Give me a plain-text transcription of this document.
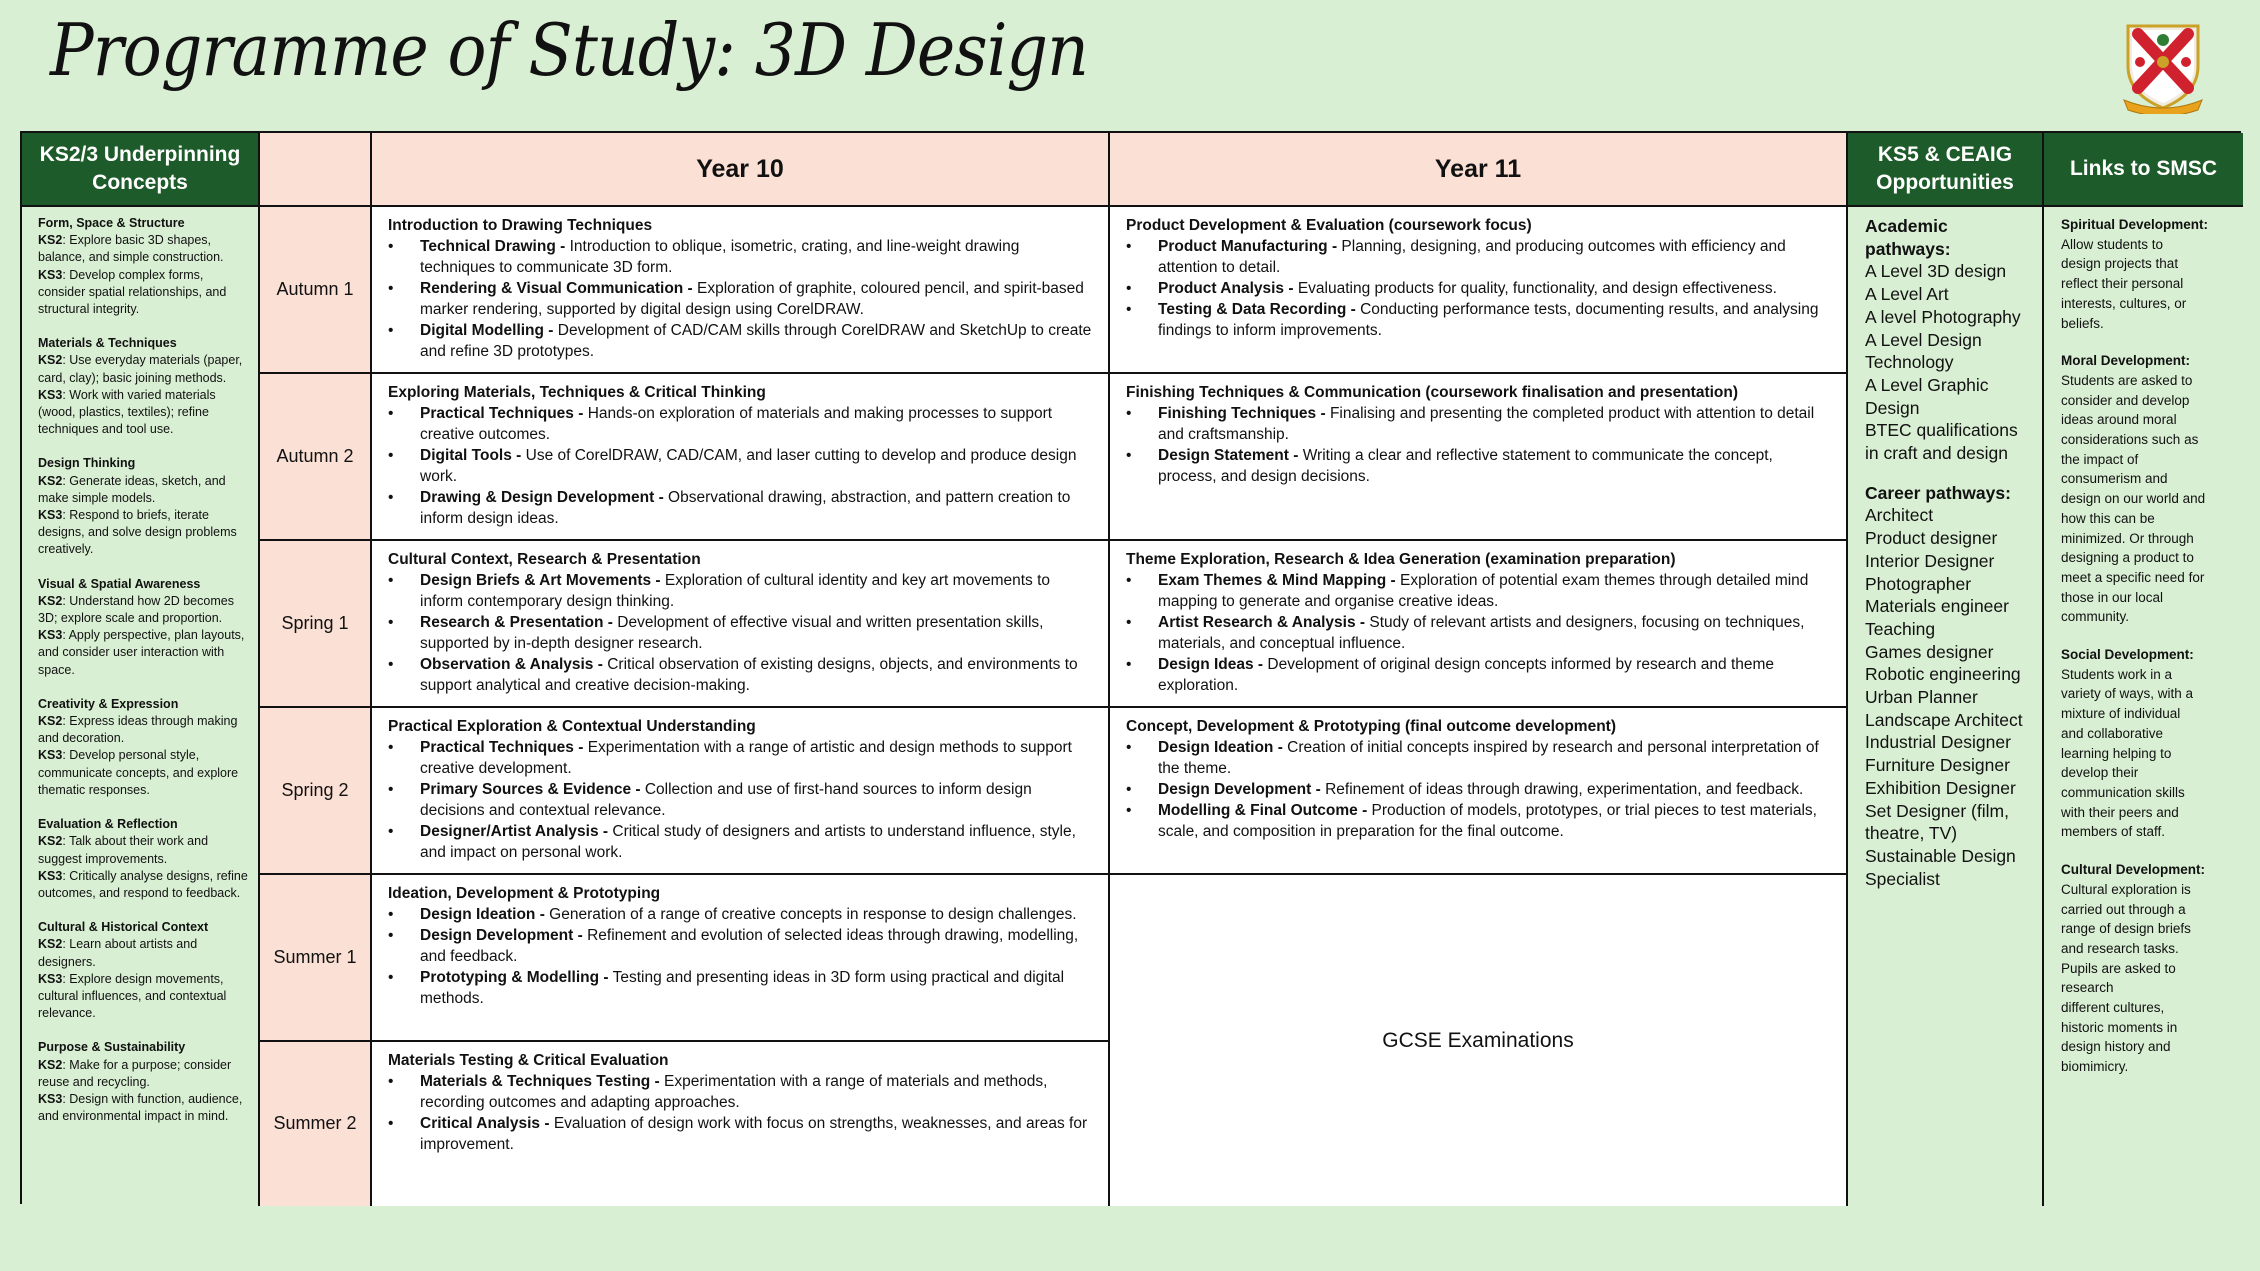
Programme of Study: 3D Design
KS2/3 Underpinning Concepts	Year 10	Year 11
KS5 & CEAIG Opportunities
Links to SMSC
Form, Space & Structure
KS2: Explore basic 3D shapes, balance, and simple construction.
KS3: Develop complex forms, consider spatial relationships, and structural integrity.
Materials & Techniques
KS2: Use everyday materials (paper, card, clay); basic joining methods.
KS3: Work with varied materials (wood, plastics, textiles); refine techniques and tool use.
Design Thinking
KS2: Generate ideas, sketch, and make simple models.
KS3: Respond to briefs, iterate designs, and solve design problems creatively.
Visual & Spatial Awareness
KS2: Understand how 2D becomes 3D; explore scale and proportion.
KS3: Apply perspective, plan layouts, and consider user interaction with space.
Creativity & Expression
KS2: Express ideas through making and decoration.
KS3: Develop personal style, communicate concepts, and explore thematic responses.
Evaluation & Reflection
KS2: Talk about their work and suggest improvements.
KS3: Critically analyse designs, refine outcomes, and respond to feedback.
Cultural & Historical Context
KS2: Learn about artists and designers.
KS3: Explore design movements, cultural influences, and contextual relevance.
Purpose & Sustainability
KS2: Make for a purpose; consider reuse and recycling.
KS3: Design with function, audience, and environmental impact in mind.
Autumn 1
Autumn 2
Spring 1
Spring 2
Summer 1
Summer 2
Introduction to Drawing Techniques
• Technical Drawing - Introduction to oblique, isometric, crating, and line-weight drawing techniques to communicate 3D form.
• Rendering & Visual Communication - Exploration of graphite, coloured pencil, and spirit-based marker rendering, supported by digital design using CorelDRAW.
• Digital Modelling - Development of CAD/CAM skills through CorelDRAW and SketchUp to create and refine 3D prototypes.
Exploring Materials, Techniques & Critical Thinking
• Practical Techniques - Hands-on exploration of materials and making processes to support creative outcomes.
• Digital Tools - Use of CorelDRAW, CAD/CAM, and laser cutting to develop and produce design work.
• Drawing & Design Development - Observational drawing, abstraction, and pattern creation to inform design ideas.
Cultural Context, Research & Presentation
• Design Briefs & Art Movements - Exploration of cultural identity and key art movements to inform contemporary design thinking.
• Research & Presentation - Development of effective visual and written presentation skills, supported by in-depth designer research.
• Observation & Analysis - Critical observation of existing designs, objects, and environments to support analytical and creative decision-making.
Practical Exploration & Contextual Understanding
• Practical Techniques - Experimentation with a range of artistic and design methods to support creative development.
• Primary Sources & Evidence - Collection and use of first-hand sources to inform design decisions and contextual relevance.
• Designer/Artist Analysis - Critical study of designers and artists to understand influence, style, and impact on personal work.
Ideation, Development & Prototyping
• Design Ideation - Generation of a range of creative concepts in response to design challenges.
• Design Development - Refinement and evolution of selected ideas through drawing, modelling, and feedback.
• Prototyping & Modelling - Testing and presenting ideas in 3D form using practical and digital methods.
Materials Testing & Critical Evaluation
• Materials & Techniques Testing - Experimentation with a range of materials and methods, recording outcomes and adapting approaches.
• Critical Analysis - Evaluation of design work with focus on strengths, weaknesses, and areas for improvement.
Product Development & Evaluation (coursework focus)
• Product Manufacturing - Planning, designing, and producing outcomes with efficiency and attention to detail.
• Product Analysis - Evaluating products for quality, functionality, and design effectiveness.
• Testing & Data Recording - Conducting performance tests, documenting results, and analysing findings to inform improvements.
Finishing Techniques & Communication (coursework finalisation and presentation)
• Finishing Techniques - Finalising and presenting the completed product with attention to detail and craftsmanship.
• Design Statement - Writing a clear and reflective statement to communicate the concept, process, and design decisions.
Theme Exploration, Research & Idea Generation (examination preparation)
• Exam Themes & Mind Mapping - Exploration of potential exam themes through detailed mind mapping to generate and organise creative ideas.
• Artist Research & Analysis - Study of relevant artists and designers, focusing on techniques, materials, and conceptual influence.
• Design Ideas - Development of original design concepts informed by research and theme exploration.
Concept, Development & Prototyping (final outcome development)
• Design Ideation - Creation of initial concepts inspired by research and personal interpretation of the theme.
• Design Development - Refinement of ideas through drawing, experimentation, and feedback.
• Modelling & Final Outcome - Production of models, prototypes, or trial pieces to test materials, scale, and composition in preparation for the final outcome.
GCSE Examinations
Academic pathways:
A Level 3D design
A Level Art
A level Photography
A Level Design
Technology
A Level Graphic
Design
BTEC qualifications
in craft and design
Career pathways:
Architect
Product designer
Interior Designer
Photographer
Materials engineer
Teaching
Games designer
Robotic engineering
Urban Planner
Landscape Architect
Industrial Designer
Furniture Designer
Exhibition Designer
Set Designer (film,
theatre, TV)
Sustainable Design
Specialist
Spiritual Development:
Allow students to
design projects that
reflect their personal
interests, cultures, or
beliefs.
Moral Development:
Students are asked to
consider and develop
ideas around moral
considerations such as
the impact of
consumerism and
design on our world and
how this can be
minimized. Or through
designing a product to
meet a specific need for
those in our local
community.
Social Development:
Students work in a
variety of ways, with a
mixture of individual
and collaborative
learning helping to
develop their
communication skills
with their peers and
members of staff.
Cultural Development:
Cultural exploration is
carried out through a
range of design briefs
and research tasks.
Pupils are asked to
research
different cultures,
historic moments in
design history and
biomimicry.
